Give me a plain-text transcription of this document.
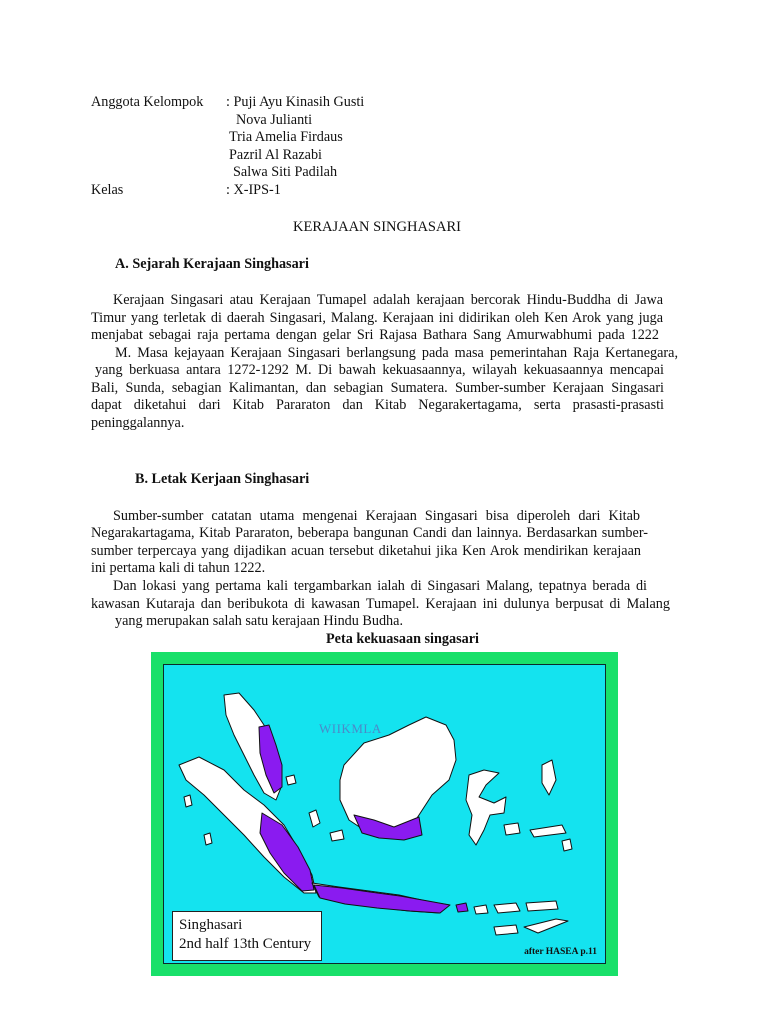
Anggota Kelompok : Puji Ayu Kinasih Gusti
Nova Julianti
Tria Amelia Firdaus
Pazril Al Razabi
Salwa Siti Padilah
Kelas	: X-IPS-1
KERAJAAN SINGHASARI
A. Sejarah Kerajaan Singhasari
Kerajaan Singasari atau Kerajaan Tumapel adalah kerajaan bercorak Hindu-Buddha di Jawa
Timur yang terletak di daerah Singasari, Malang. Kerajaan ini didirikan oleh Ken Arok yang juga
menjabat sebagai raja pertama dengan gelar Sri Rajasa Bathara Sang Amurwabhumi pada 1222
M. Masa kejayaan Kerajaan Singasari berlangsung pada masa pemerintahan Raja Kertanegara,
yang berkuasa antara 1272-1292 M. Di bawah kekuasaannya, wilayah kekuasaannya mencapai
Bali, Sunda, sebagian Kalimantan, dan sebagian Sumatera. Sumber-sumber Kerajaan Singasari
dapat diketahui dari Kitab Pararaton dan Kitab Negarakertagama, serta prasasti-prasasti
peninggalannya.
B. Letak Kerjaan Singhasari
Sumber-sumber catatan utama mengenai Kerajaan Singasari bisa diperoleh dari Kitab
Negarakartagama, Kitab Pararaton, beberapa bangunan Candi dan lainnya. Berdasarkan sumber-
sumber terpercaya yang dijadikan acuan tersebut diketahui jika Ken Arok mendirikan kerajaan
ini pertama kali di tahun 1222.
Dan lokasi yang pertama kali tergambarkan ialah di Singasari Malang, tepatnya berada di
kawasan Kutaraja dan beribukota di kawasan Tumapel. Kerajaan ini dulunya berpusat di Malang
yang merupakan salah satu kerajaan Hindu Budha.
Peta kekuasaan singasari
WIIKMLA
Singhasari
2nd half 13th Century	after HASEA p.11
